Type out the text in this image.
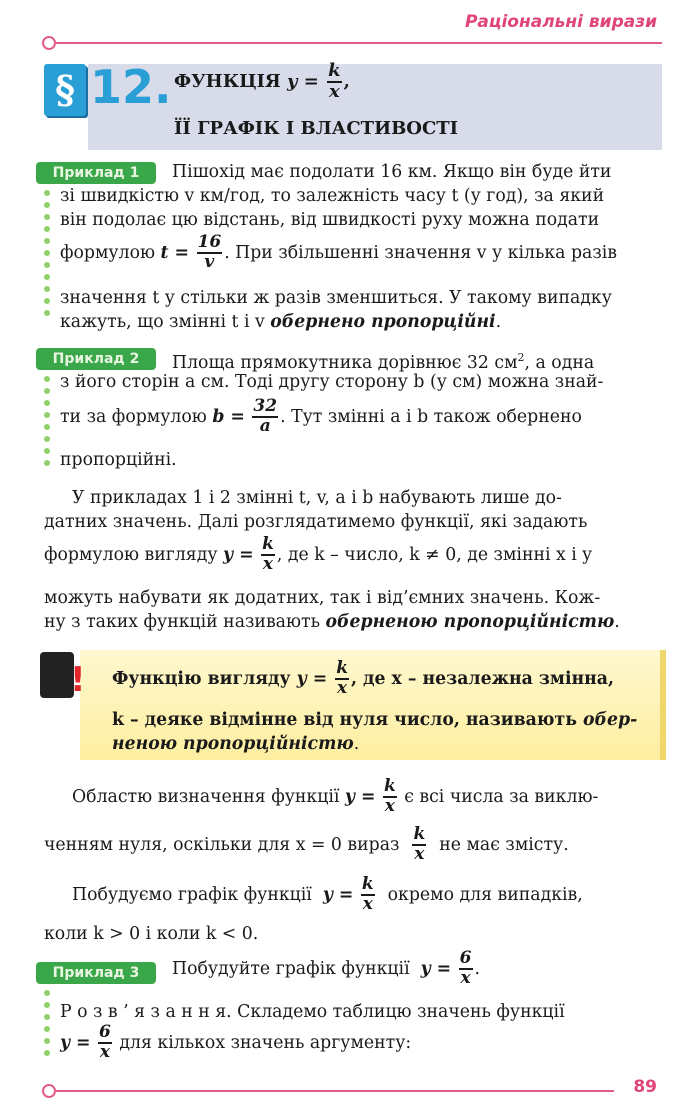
Раціональні вирази
§ 12. ФУНКЦІЯ
y
=
$\frac{k}{x}$ ,
ЇЇ ГРАФІК І ВЛАСТИВОСТІ
Приклад 1	Пішохід має подолати 16 км. Якщо він буде йти
зі швидкістю v км/год, то залежність часу t (у год), за який
він подолає цю відстань, від швидкості руху можна подати
формулою
t =
$\frac{16}{v}$ . При збільшенні значення v у кілька разів
значення t у стільки ж разів зменшиться. У такому випадку
кажуть, що змінні t і v обернено пропорційні.
Приклад 2	Площа прямокутника дорівнює 32 $см^2$, а одна
з його сторін a см. Тоді другу сторону b (у см) можна знай-
ти за формулою
b =
$\frac{32}{a}$ . Тут змінні a і b також обернено
пропорційні.
У прикладах 1 і 2 змінні t, v, a і b набувають лише до-
датних значень. Далі розглядатимемо функції, які задають
формулою вигляду
y =
$\frac{k}{x}$ , де k – число, k ≠ 0, де змінні x і y
можуть набувати як додатних, так і від’ємних значень. Кож-
ну з таких функцій називають оберненою пропорційністю.
! Функцію вигляду
y =
$\frac{k}{x}$ , де x – незалежна змінна,
k – деяке відмінне від нуля число, називають обер-
неною пропорційністю.
Областю визначення функції
y =
$\frac{k}{x}$
є всі числа за виклю-
ченням нуля, оскільки для x = 0 вираз
$\frac{k}{x}$
не має змісту.
Побудуємо графік функції
y =
$\frac{k}{x}$
окремо для випадків,
коли k > 0 і коли k < 0.
Приклад 3	Побудуйте графік функції
y =
$\frac{6}{x}$ .
Р о з в ’ я з а н н я. Складемо таблицю значень функції
y =
$\frac{6}{x}$
для кількох значень аргументу:
89
